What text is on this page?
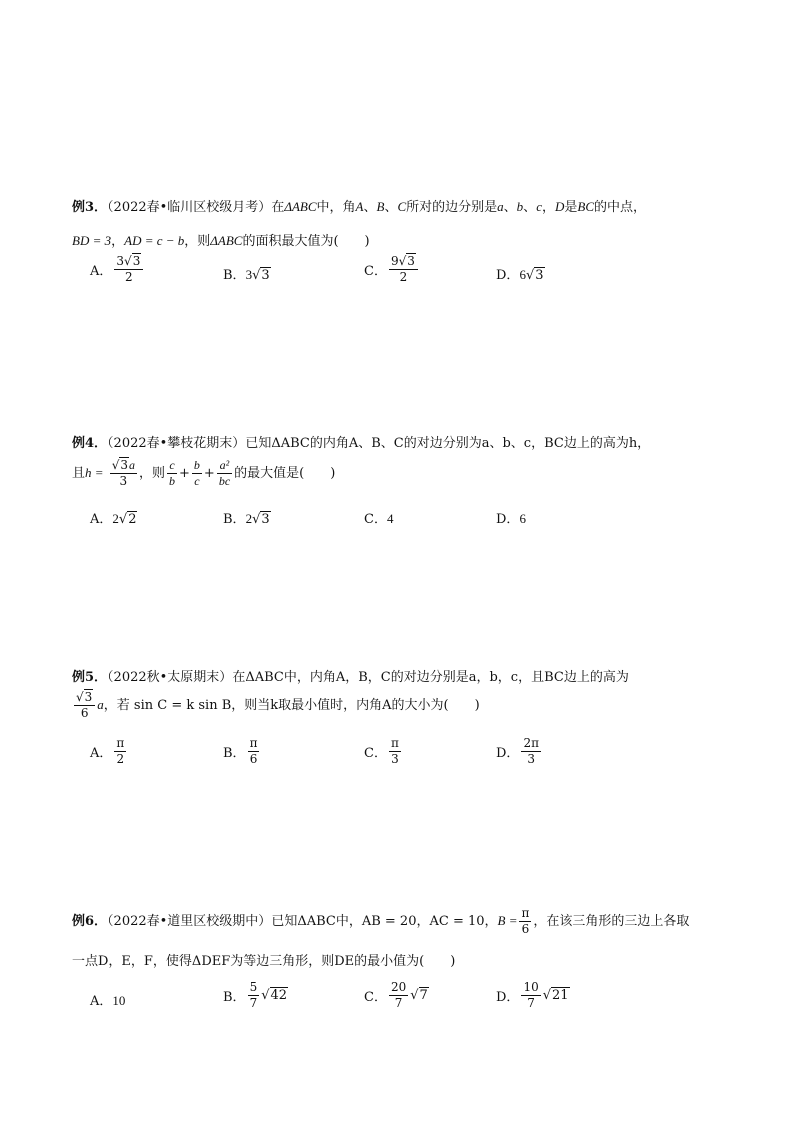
例3．（2022春•临川区校级月考）在ΔABC中，角A、B、C所对的边分别是a、b、c，D是BC的中点，
BD = 3，AD = c − b，则ΔABC的面积最大值为(　　)
A． $\frac{3√3}{2}$	B．3√3	C． $\frac{9√3}{2}$	D．6√3
例4．（2022春•攀枝花期末）已知ΔABC的内角A、B、C的对边分别为a、b、c，BC边上的高为h，
且$h = \frac{√3a}{3}$ ，则 $\frac{c}{b} + \frac{b}{c} + \frac{\text{a²}}{bc}$ 的最大值是(　　)
A．2√2	B．2√3	C．4	D．6
例5．（2022秋•太原期末）在ΔABC中，内角A，B，C的对边分别是a，b，c，且BC边上的高为
$\frac{√3}{6}$ a，若 sin C = k sin B，则当k取最小值时，内角A的大小为(　　)
A． $\frac{\pi}{2}$	B． $\frac{\pi}{6}$	C． $\frac{\pi}{3}$	D． $\frac{2\pi}{3}$
例6．（2022春•道里区校级期中）已知ΔABC中，AB = 20，AC = 10，$B = \frac{\pi}{6}$ ，在该三角形的三边上各取
一点D，E，F，使得ΔDEF为等边三角形，则DE的最小值为(　　)
A．10	B． $\frac{5}{7} √42$	C． $\frac{20}{7} √7$	D． $\frac{10}{7} √21$
